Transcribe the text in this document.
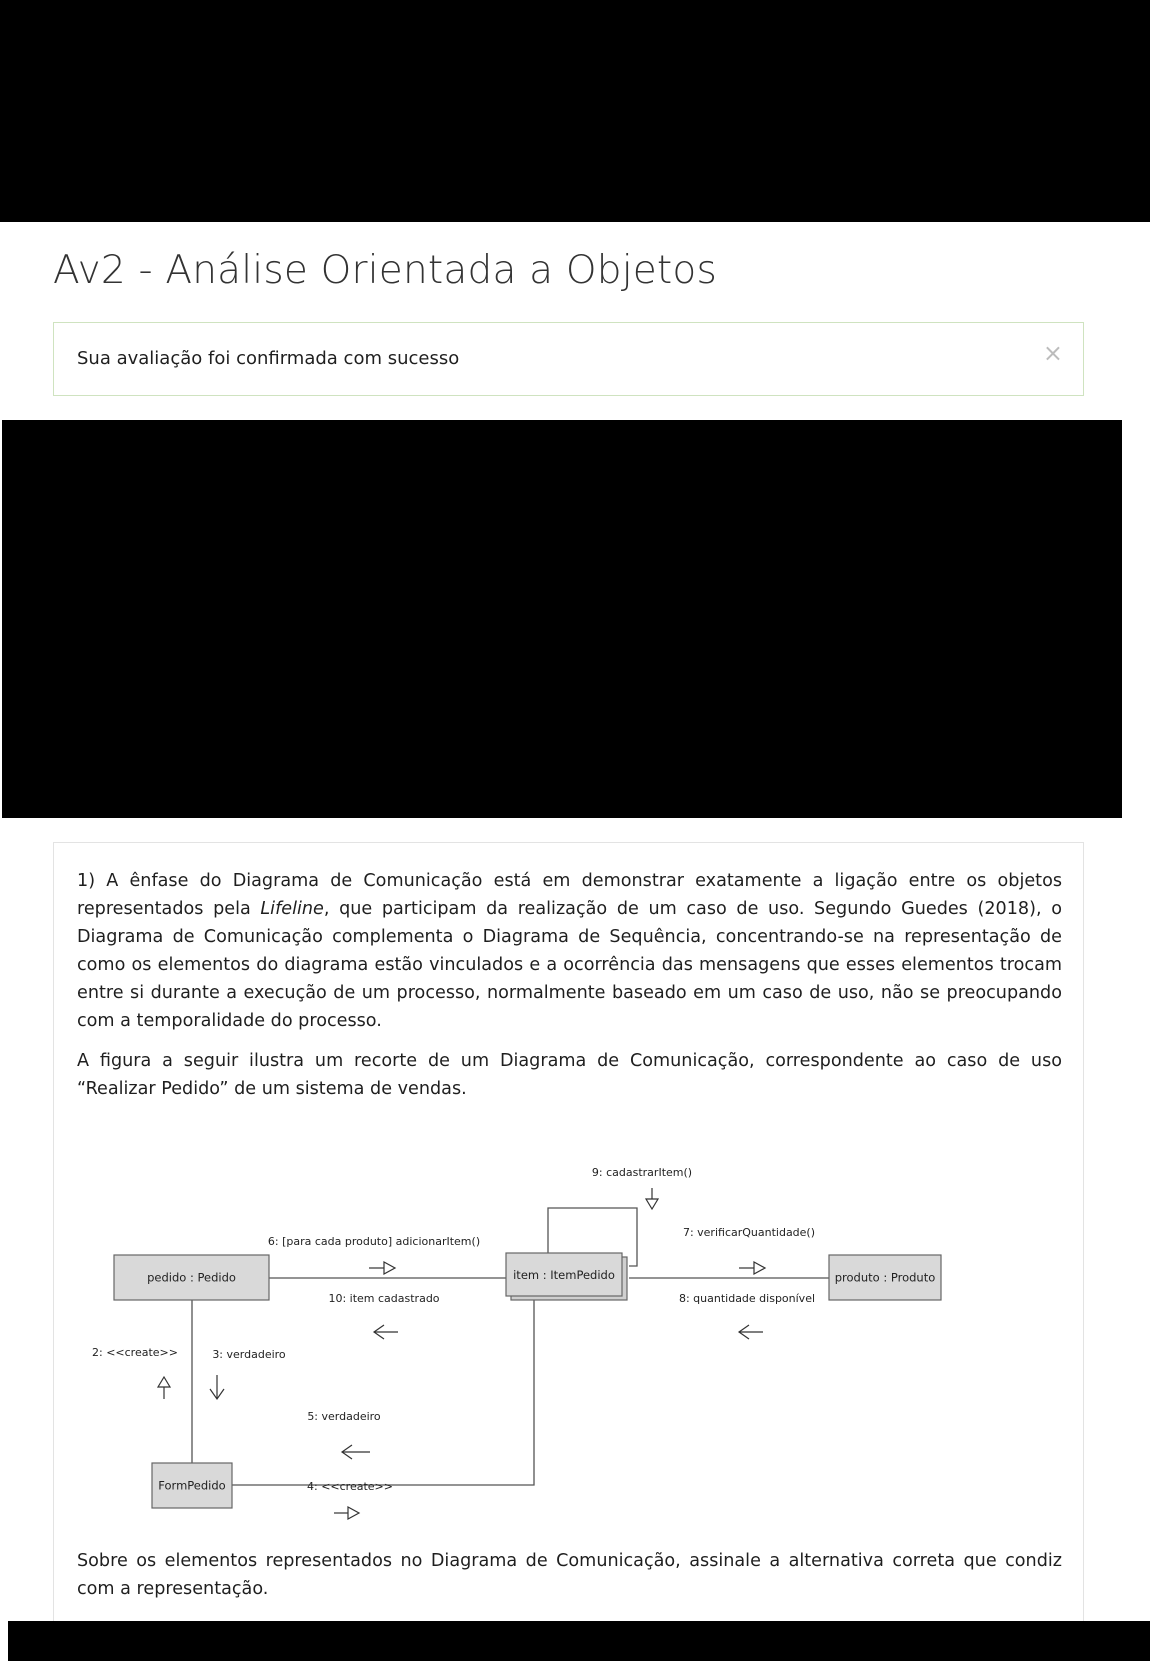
Av2 - Análise Orientada a Objetos
Sua avaliação foi confirmada com sucesso	×

1) A ênfase do Diagrama de Comunicação está em demonstrar exatamente a ligação entre os objetos representados pela Lifeline, que participam da realização de um caso de uso. Segundo Guedes (2018), o Diagrama de Comunicação complementa o Diagrama de Sequência, concentrando-se na representação de como os elementos do diagrama estão vinculados e a ocorrência das mensagens que esses elementos trocam entre si durante a execução de um processo, normalmente baseado em um caso de uso, não se preocupando com a temporalidade do processo.

A figura a seguir ilustra um recorte de um Diagrama de Comunicação, correspondente ao caso de uso “Realizar Pedido” de um sistema de vendas.

pedido : Pedido	item : ItemPedido	produto : Produto
FormPedido
9: cadastrarItem()
7: verificarQuantidade()
6: [para cada produto] adicionarItem()
10: item cadastrado	8: quantidade disponível
2: <<create>>	3: verdadeiro
5: verdadeiro
4: <<create>>

Sobre os elementos representados no Diagrama de Comunicação, assinale a alternativa correta que condiz com a representação.
